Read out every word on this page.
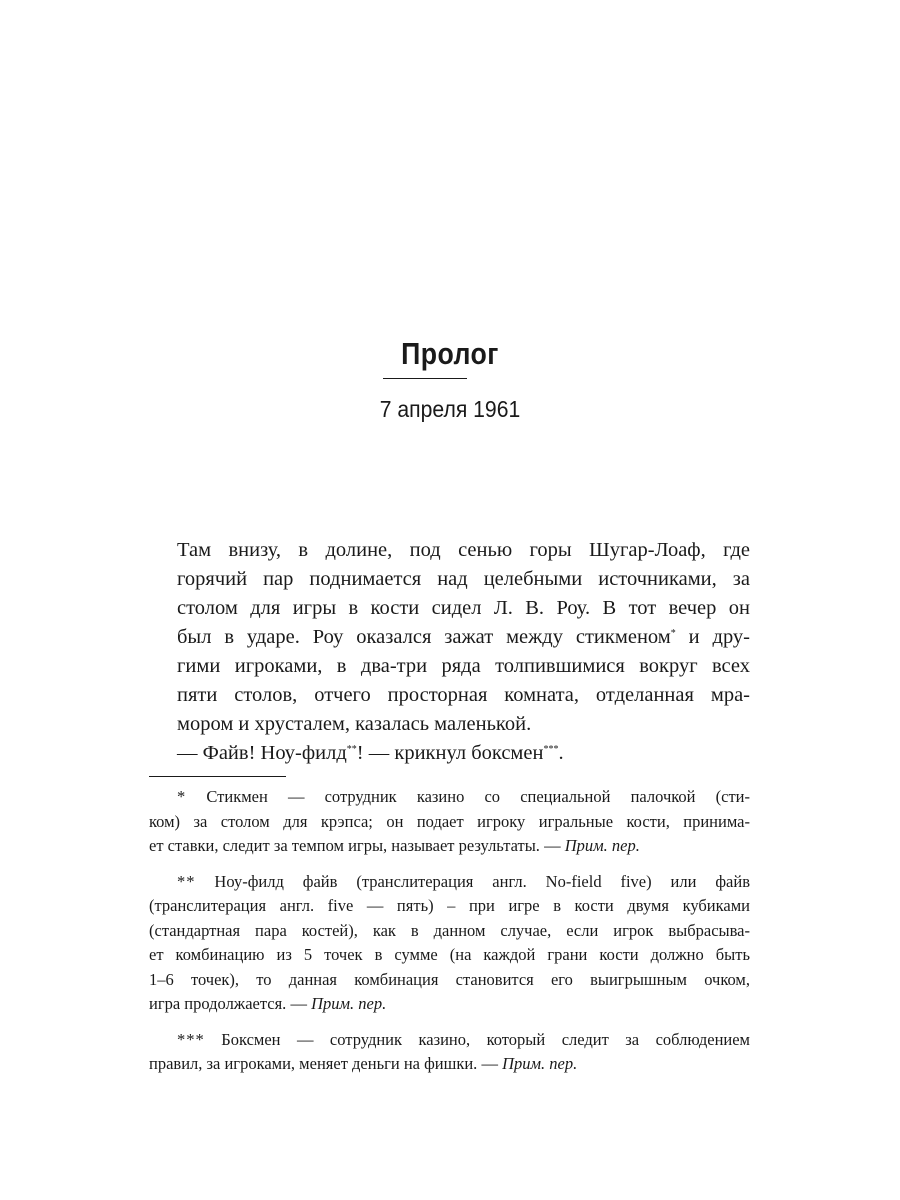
Пролог
7 апреля 1961

Там внизу, в долине, под сенью горы Шугар-Лоаф, где
горячий пар поднимается над целебными источниками, за
столом для игры в кости сидел Л. В. Роу. В тот вечер он
был в ударе. Роу оказался зажат между стикменом* и дру-
гими игроками, в два-три ряда толпившимися вокруг всех
пяти столов, отчего просторная комната, отделанная мра-
мором и хрусталем, казалась маленькой.

— Файв! Ноу-филд**! — крикнул боксмен***.

* Стикмен — сотрудник казино со специальной палочкой (сти-
ком) за столом для крэпса; он подает игроку игральные кости, принима-
ет ставки, следит за темпом игры, называет результаты. — Прим. пер.
** Ноу-филд файв (транслитерация англ. No-field five) или файв
(транслитерация англ. five — пять) – при игре в кости двумя кубиками
(стандартная пара костей), как в данном случае, если игрок выбрасыва-
ет комбинацию из 5 точек в сумме (на каждой грани кости должно быть
1–6 точек), то данная комбинация становится его выигрышным очком,
игра продолжается. — Прим. пер.
*** Боксмен — сотрудник казино, который следит за соблюдением
правил, за игроками, меняет деньги на фишки. — Прим. пер.
